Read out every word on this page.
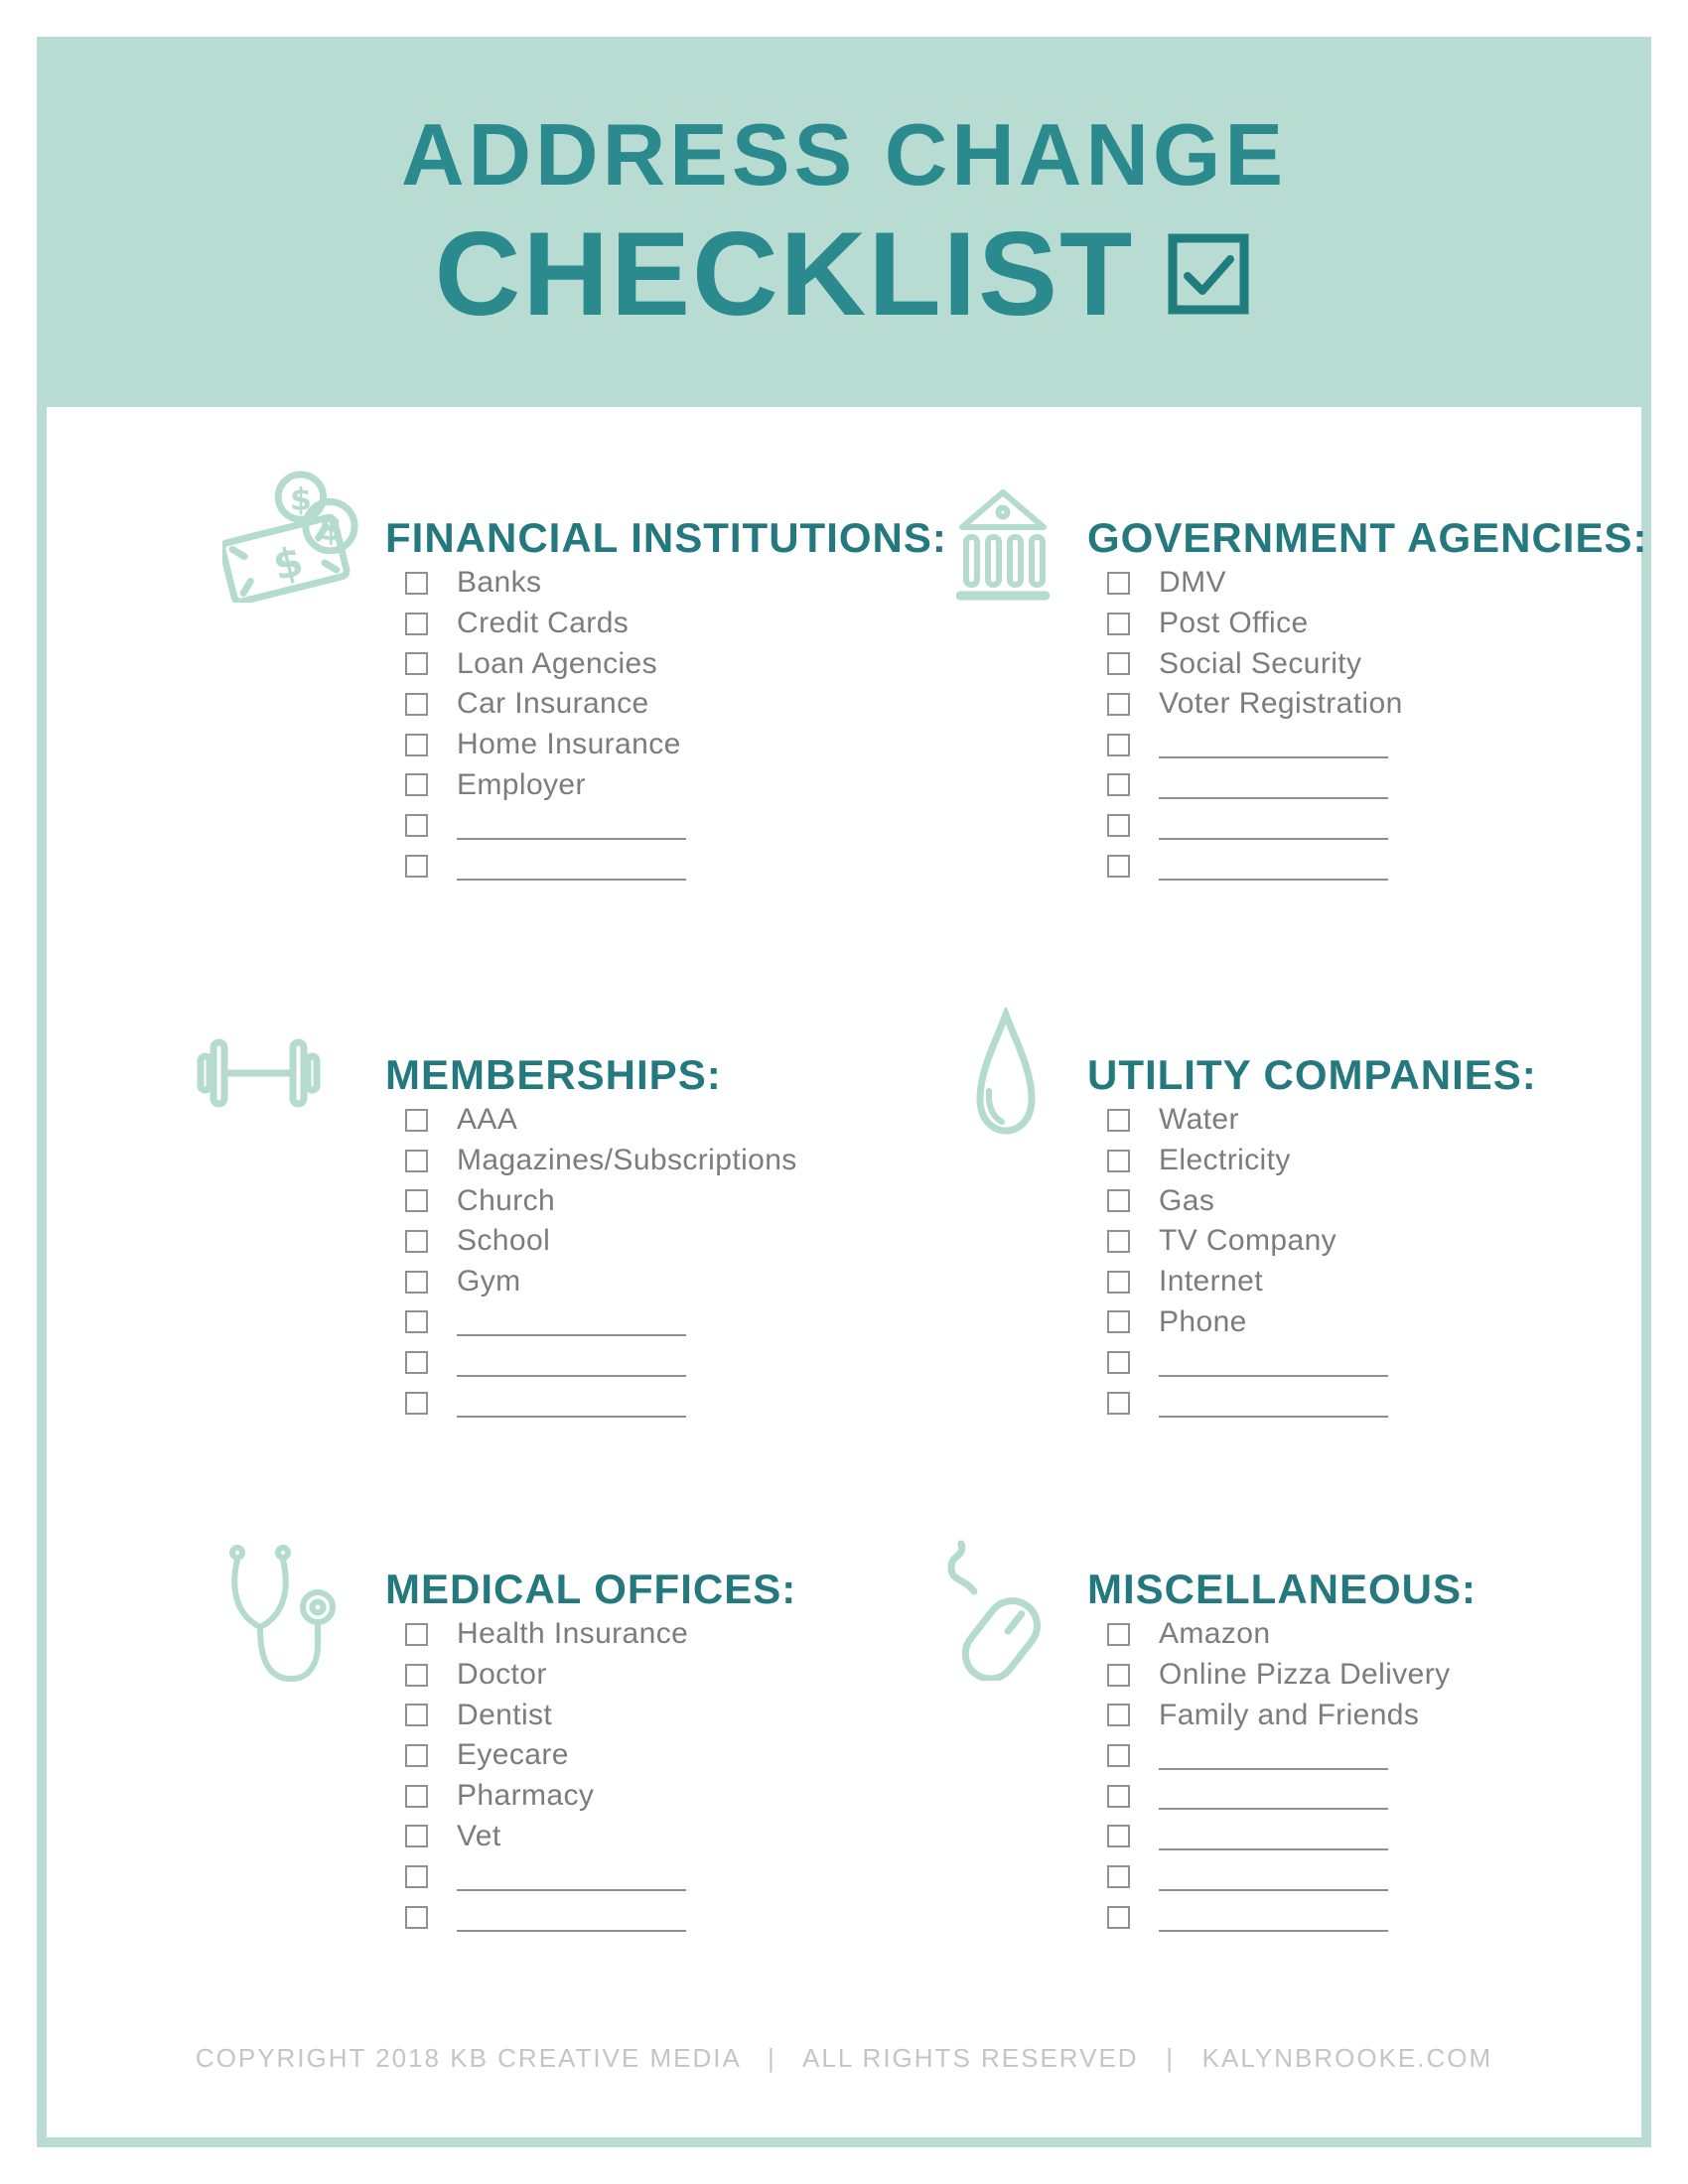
ADDRESS CHANGE
CHECKLIST
$
$
$ FINANCIAL INSTITUTIONS:
Banks
Credit Cards
Loan Agencies
Car Insurance
Home Insurance
Employer
GOVERNMENT AGENCIES:
DMV
Post Office
Social Security
Voter Registration
MEMBERSHIPS:
AAA
Magazines/Subscriptions
Church
School
Gym
UTILITY COMPANIES:
Water
Electricity
Gas
TV Company
Internet
Phone
MEDICAL OFFICES:
Health Insurance
Doctor
Dentist
Eyecare
Pharmacy
Vet
MISCELLANEOUS:
Amazon
Online Pizza Delivery
Family and Friends
COPYRIGHT 2018 KB CREATIVE MEDIA   |   ALL RIGHTS RESERVED   |   KALYNBROOKE.COM
